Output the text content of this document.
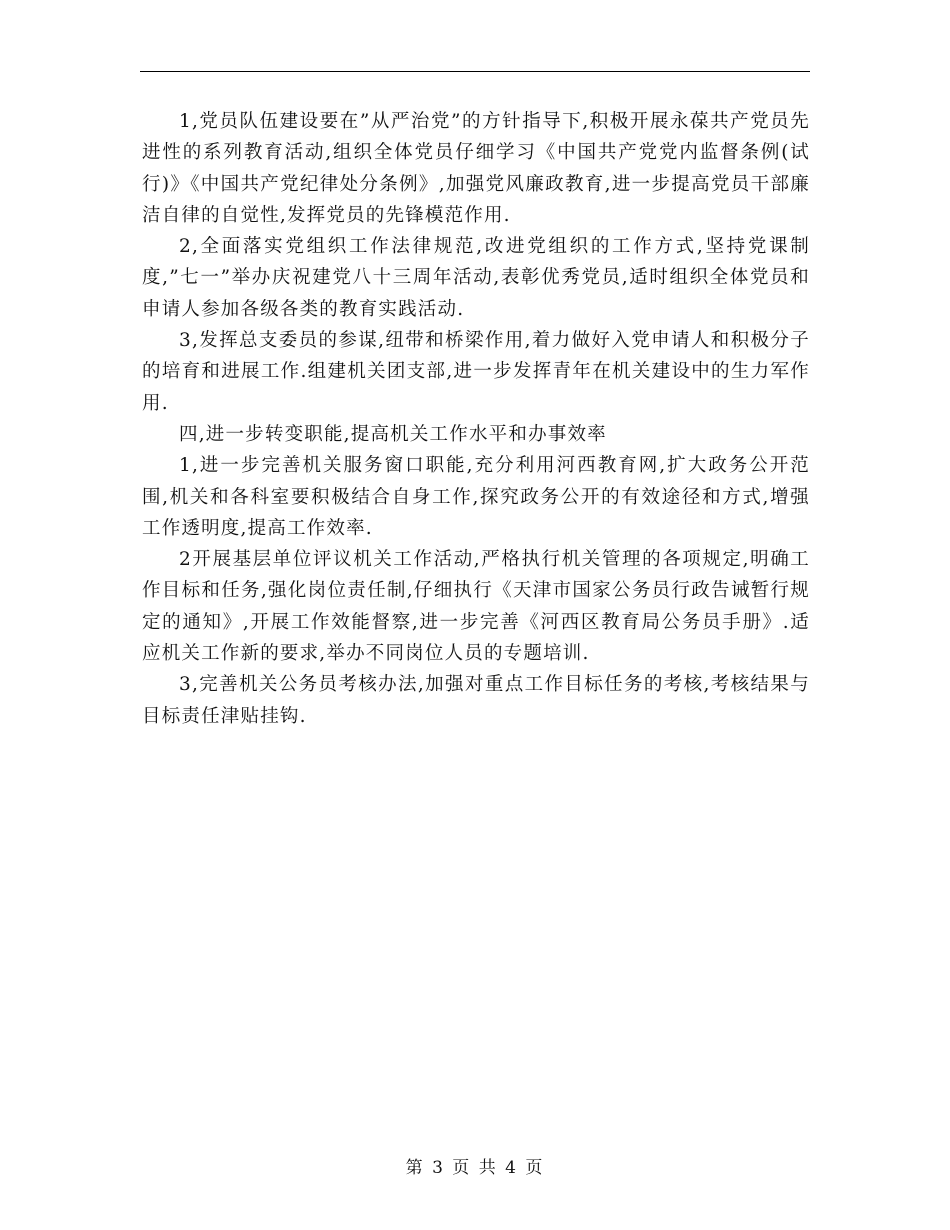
1,党员队伍建设要在”从严治党”的方针指导下,积极开展永葆共产党员先进性的系列教育活动,组织全体党员仔细学习《中国共产党党内监督条例(试行)》《中国共产党纪律处分条例》,加强党风廉政教育,进一步提高党员干部廉洁自律的自觉性,发挥党员的先锋模范作用.

2,全面落实党组织工作法律规范,改进党组织的工作方式,坚持党课制度,”七一”举办庆祝建党八十三周年活动,表彰优秀党员,适时组织全体党员和申请人参加各级各类的教育实践活动.

3,发挥总支委员的参谋,纽带和桥梁作用,着力做好入党申请人和积极分子的培育和进展工作.组建机关团支部,进一步发挥青年在机关建设中的生力军作用.

四,进一步转变职能,提高机关工作水平和办事效率

1,进一步完善机关服务窗口职能,充分利用河西教育网,扩大政务公开范围,机关和各科室要积极结合自身工作,探究政务公开的有效途径和方式,增强工作透明度,提高工作效率.

2开展基层单位评议机关工作活动,严格执行机关管理的各项规定,明确工作目标和任务,强化岗位责任制,仔细执行《天津市国家公务员行政告诫暂行规定的通知》,开展工作效能督察,进一步完善《河西区教育局公务员手册》.适应机关工作新的要求,举办不同岗位人员的专题培训.

3,完善机关公务员考核办法,加强对重点工作目标任务的考核,考核结果与目标责任津贴挂钩.

第 3 页 共 4 页
